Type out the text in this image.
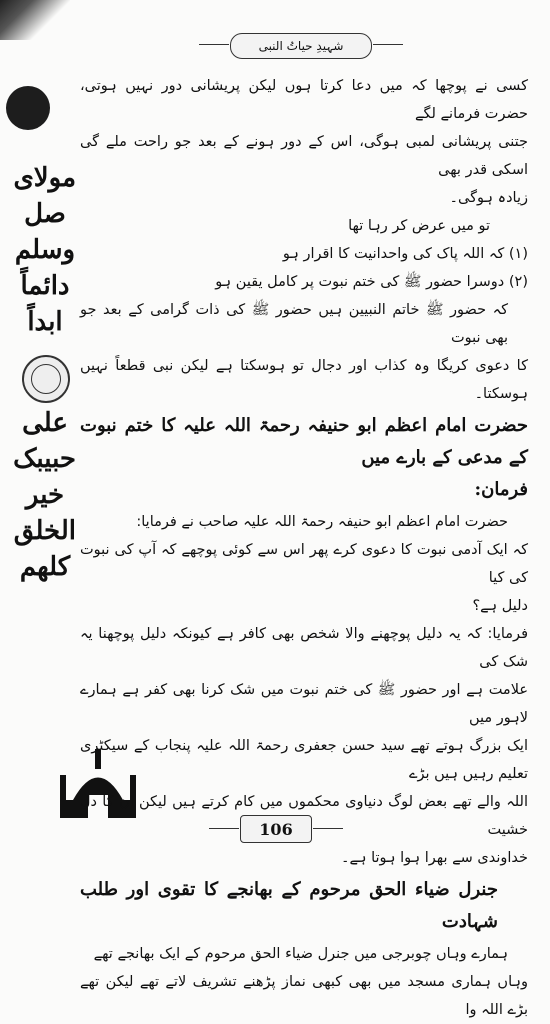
شہیدِ حیاتُ النبی
مولای صل وسلم دائماً ابداً
علی حبیبک خیر الخلق کلھم

کسی نے پوچھا کہ میں دعا کرتا ہوں لیکن پریشانی دور نہیں ہوتی، حضرت فرمانے لگے
جتنی پریشانی لمبی ہوگی، اس کے دور ہونے کے بعد جو راحت ملے گی اسکی قدر بھی
زیادہ ہوگی۔

تو میں عرض کر رہا تھا

(۱) کہ اللہ پاک کی واحدانیت کا اقرار ہو
(۲) دوسرا حضور ﷺ کی ختم نبوت پر کامل یقین ہو

کہ حضور ﷺ خاتم النبیین ہیں حضور ﷺ کی ذات گرامی کے بعد جو بھی نبوت
کا دعوی کریگا وہ کذاب اور دجال تو ہوسکتا ہے لیکن نبی قطعاً نہیں ہوسکتا۔

حضرت امام اعظم ابو حنیفہ رحمۃ اللہ علیہ کا ختم نبوت کے مدعی کے بارے میں
فرمان:

حضرت امام اعظم ابو حنیفہ رحمۃ اللہ علیہ صاحب نے فرمایا:
کہ ایک آدمی نبوت کا دعوی کرے پھر اس سے کوئی پوچھے کہ آپ کی نبوت کی کیا
دلیل ہے؟

فرمایا: کہ یہ دلیل پوچھنے والا شخص بھی کافر ہے کیونکہ دلیل پوچھنا یہ شک کی
علامت ہے اور حضور ﷺ کی ختم نبوت میں شک کرنا بھی کفر ہے ہمارے لاہور میں
ایک بزرگ ہوتے تھے سید حسن جعفری رحمۃ اللہ علیہ پنجاب کے سیکٹری تعلیم رہیں ہیں بڑے
اللہ والے تھے بعض لوگ دنیاوی محکموں میں کام کرتے ہیں لیکن ان کا دل خشیت
خداوندی سے بھرا ہوا ہوتا ہے۔

جنرل ضیاء الحق مرحوم کے بھانجے کا تقوی اور طلب شہادت

ہمارے وہاں چوبرجی میں جنرل ضیاء الحق مرحوم کے ایک بھانجے تھے
وہاں ہماری مسجد میں بھی کبھی نماز پڑھنے تشریف لاتے تھے لیکن تھے بڑے اللہ وا

106
